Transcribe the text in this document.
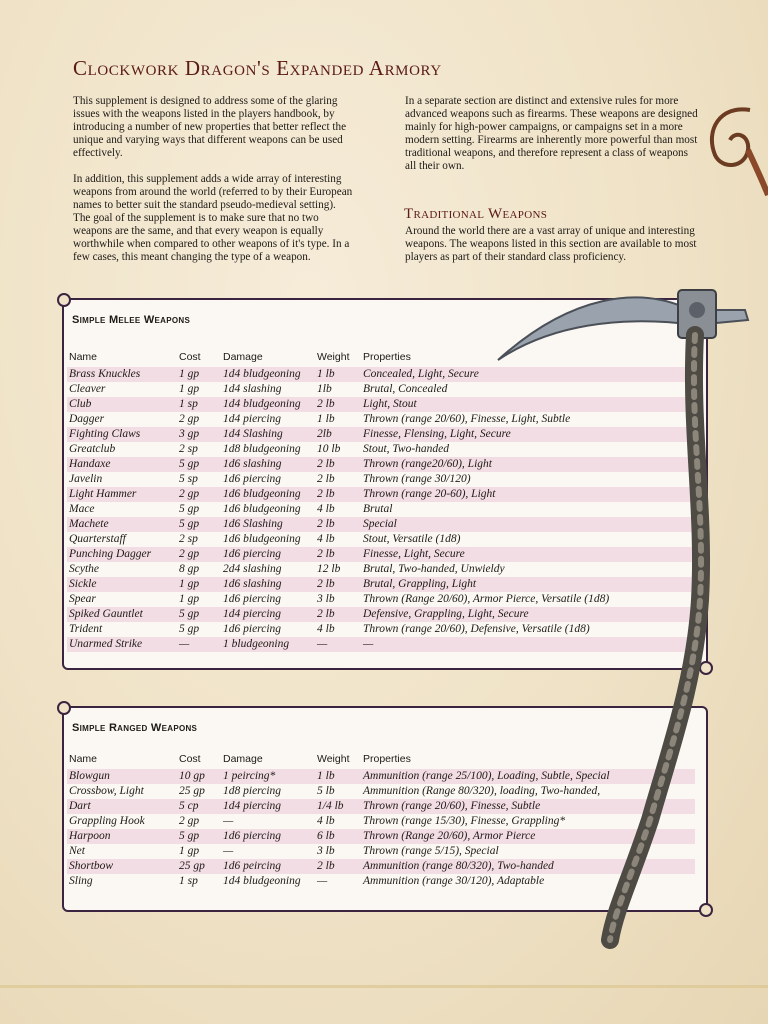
Clockwork Dragon's Expanded Armory

This supplement is designed to address some of the glaring issues with the weapons listed in the players handbook, by introducing a number of new properties that better reflect the unique and varying ways that different weapons can be used effectively.

In addition, this supplement adds a wide array of interesting weapons from around the world (referred to by their European names to better suit the standard pseudo-medieval setting). The goal of the supplement is to make sure that no two weapons are the same, and that every weapon is equally worthwhile when compared to other weapons of it's type. In a few cases, this meant changing the type of a weapon.

In a separate section are distinct and extensive rules for more advanced weapons such as firearms. These weapons are designed mainly for high-power campaigns, or campaigns set in a more modern setting. Firearms are inherently more powerful than most traditional weapons, and therefore represent a class of weapons all their own.

Traditional Weapons

Around the world there are a vast array of unique and interesting weapons. The weapons listed in this section are available to most players as part of their standard class proficiency.

Simple Melee Weapons
Name	Cost	Damage	Weight	Properties
Brass Knuckles	1 gp	1d4 bludgeoning	1 lb	Concealed, Light, Secure
Cleaver	1 gp	1d4 slashing	1lb	Brutal, Concealed
Club	1 sp	1d4 bludgeoning	2 lb	Light, Stout
Dagger	2 gp	1d4 piercing	1 lb	Thrown (range 20/60), Finesse, Light, Subtle
Fighting Claws	3 gp	1d4 Slashing	2lb	Finesse, Flensing, Light, Secure
Greatclub	2 sp	1d8 bludgeoning	10 lb	Stout, Two-handed
Handaxe	5 gp	1d6 slashing	2 lb	Thrown (range20/60), Light
Javelin	5 sp	1d6 piercing	2 lb	Thrown (range 30/120)
Light Hammer	2 gp	1d6 bludgeoning	2 lb	Thrown (range 20-60), Light
Mace	5 gp	1d6 bludgeoning	4 lb	Brutal
Machete	5 gp	1d6 Slashing	2 lb	Special
Quarterstaff	2 sp	1d6 bludgeoning	4 lb	Stout, Versatile (1d8)
Punching Dagger	2 gp	1d6 piercing	2 lb	Finesse, Light, Secure
Scythe	8 gp	2d4 slashing	12 lb	Brutal, Two-handed, Unwieldy
Sickle	1 gp	1d6 slashing	2 lb	Brutal, Grappling, Light
Spear	1 gp	1d6 piercing	3 lb	Thrown (Range 20/60), Armor Pierce, Versatile (1d8)
Spiked Gauntlet	5 gp	1d4 piercing	2 lb	Defensive, Grappling, Light, Secure
Trident	5 gp	1d6 piercing	4 lb	Thrown (range 20/60), Defensive, Versatile (1d8)
Unarmed Strike	—	1 bludgeoning	—	—
Simple Ranged Weapons
Name	Cost	Damage	Weight	Properties
Blowgun	10 gp	1 peircing*	1 lb	Ammunition (range 25/100), Loading, Subtle, Special
Crossbow, Light	25 gp	1d8 piercing	5 lb	Ammunition (Range 80/320), loading, Two-handed,
Dart	5 cp	1d4 piercing	1/4 lb	Thrown (range 20/60), Finesse, Subtle
Grappling Hook	2 gp	—	4 lb	Thrown (range 15/30), Finesse, Grappling*
Harpoon	5 gp	1d6 piercing	6 lb	Thrown (Range 20/60), Armor Pierce
Net	1 gp	—	3 lb	Thrown (range 5/15), Special
Shortbow	25 gp	1d6 peircing	2 lb	Ammunition (range 80/320), Two-handed
Sling	1 sp	1d4 bludgeoning	—	Ammunition (range 30/120), Adaptable
